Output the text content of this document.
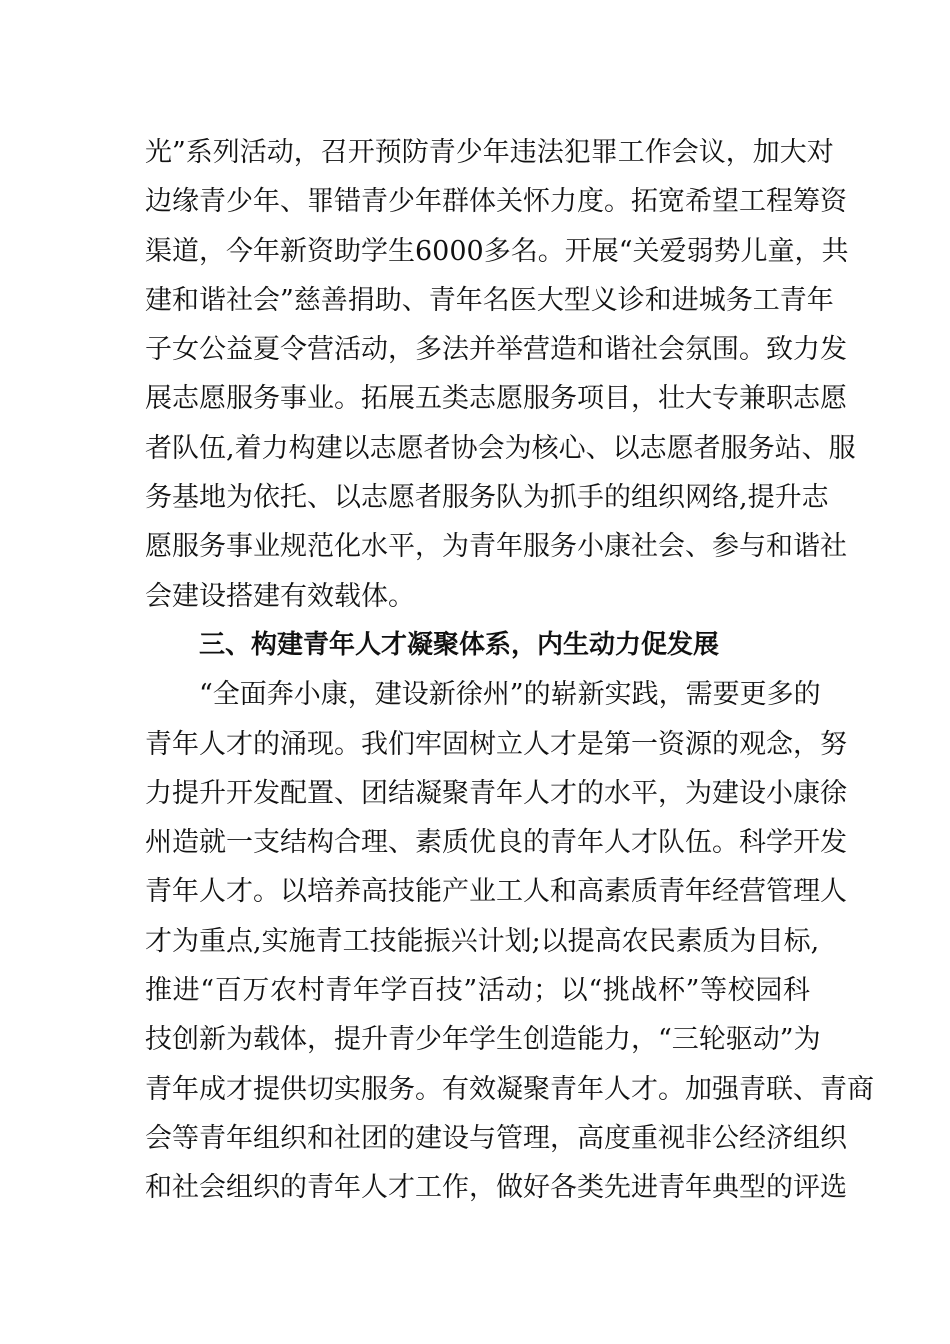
光”系列活动，召开预防青少年违法犯罪工作会议，加大对
边缘青少年、罪错青少年群体关怀力度。拓宽希望工程筹资
渠道，今年新资助学生6000多名。开展“关爱弱势儿童，共
建和谐社会”慈善捐助、青年名医大型义诊和进城务工青年
子女公益夏令营活动，多法并举营造和谐社会氛围。致力发
展志愿服务事业。拓展五类志愿服务项目，壮大专兼职志愿
者队伍,着力构建以志愿者协会为核心、以志愿者服务站、服
务基地为依托、以志愿者服务队为抓手的组织网络,提升志
愿服务事业规范化水平，为青年服务小康社会、参与和谐社
会建设搭建有效载体。
三、构建青年人才凝聚体系，内生动力促发展
“全面奔小康，建设新徐州”的崭新实践，需要更多的
青年人才的涌现。我们牢固树立人才是第一资源的观念，努
力提升开发配置、团结凝聚青年人才的水平，为建设小康徐
州造就一支结构合理、素质优良的青年人才队伍。科学开发
青年人才。以培养高技能产业工人和高素质青年经营管理人
才为重点,实施青工技能振兴计划;以提高农民素质为目标,
推进“百万农村青年学百技”活动；以“挑战杯”等校园科
技创新为载体，提升青少年学生创造能力，“三轮驱动”为
青年成才提供切实服务。有效凝聚青年人才。加强青联、青商
会等青年组织和社团的建设与管理，高度重视非公经济组织
和社会组织的青年人才工作，做好各类先进青年典型的评选
